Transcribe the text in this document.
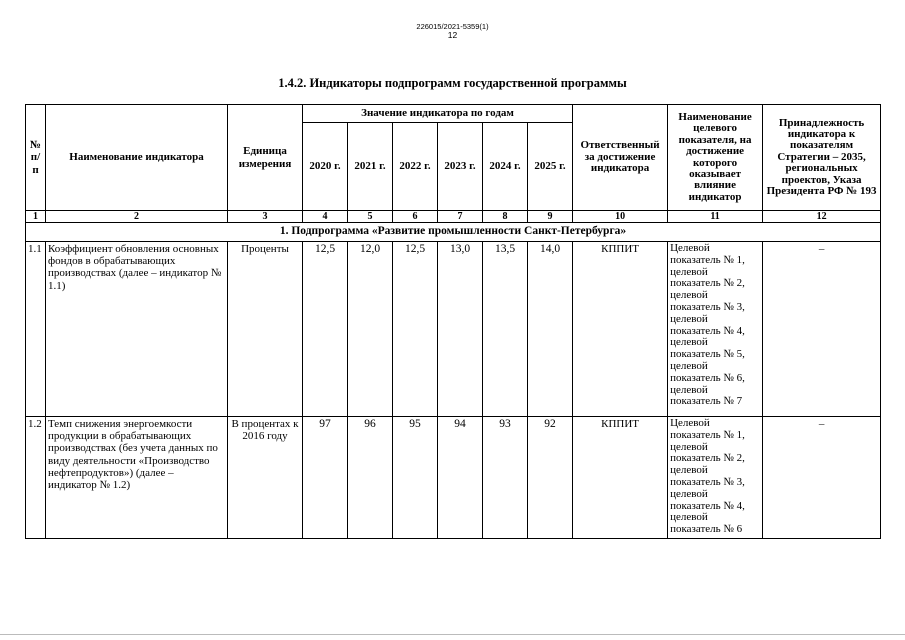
226015/2021-5359(1)
12
1.4.2. Индикаторы подпрограмм государственной программы
№ п/п	Наименование индикатора	Единица измерения	Значение индикатора по годам						Ответственный за достижение индикатора	Наименование целевого показателя, на достижение которого оказывает влияние индикатор	Принадлежность индикатора к показателям Стратегии – 2035, региональных проектов, Указа Президента РФ № 193
			2020 г.	2021 г.	2022 г.	2023 г.	2024 г.	2025 г.			
1	2	3	4	5	6	7	8	9	10	11	12
1. Подпрограмма «Развитие промышленности Санкт-Петербурга»											
1.1	Коэффициент обновления основных фондов в обрабатывающих производствах (далее – индикатор № 1.1)	Проценты	12,5	12,0	12,5	13,0	13,5	14,0	КППИТ	Целевой показатель № 1, целевой показатель № 2, целевой показатель № 3, целевой показатель № 4, целевой показатель № 5, целевой показатель № 6, целевой показатель № 7	–
1.2	Темп снижения энергоемкости продукции в обрабатывающих производствах (без учета данных по виду деятельности «Производство нефтепродуктов») (далее – индикатор № 1.2)	В процентах к 2016 году	97	96	95	94	93	92	КППИТ	Целевой показатель № 1, целевой показатель № 2, целевой показатель № 3, целевой показатель № 4, целевой показатель № 6	–
